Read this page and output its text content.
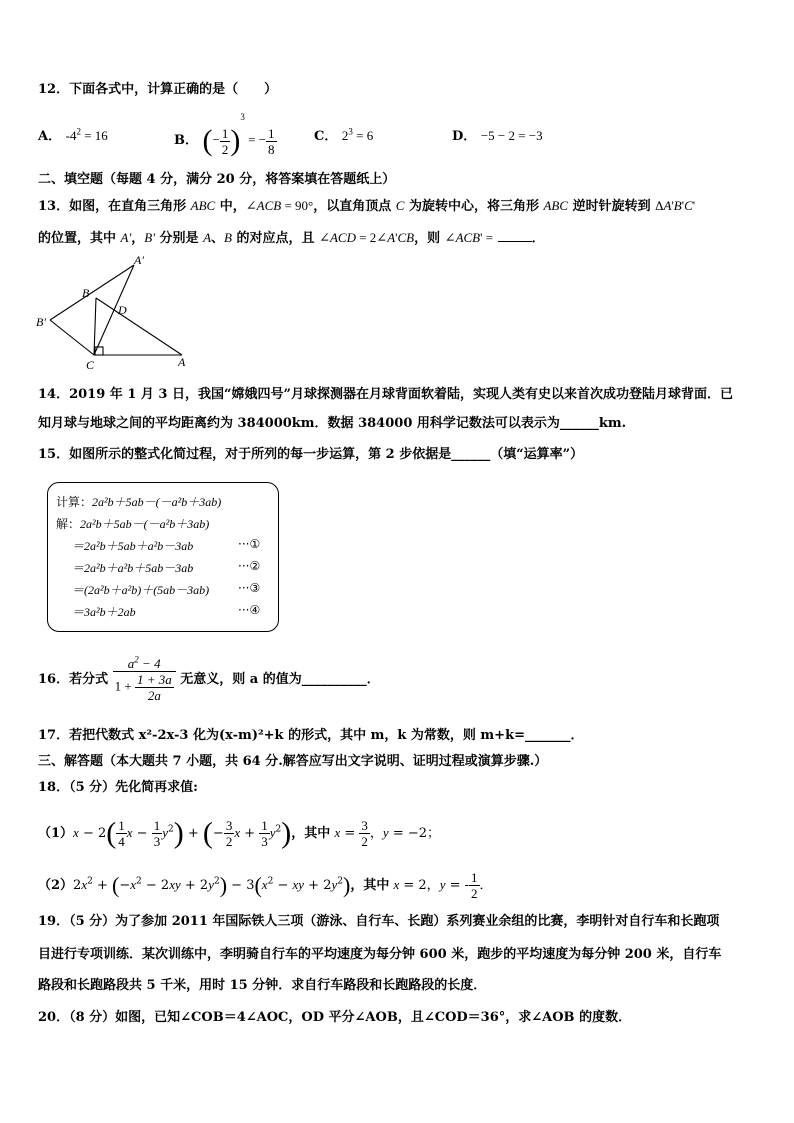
12．下面各式中，计算正确的是（　　）
A． $-4^2 = 16$	B． (− $\frac{1}{2} )^3$ = − $\frac{1}{8}$	C． $2^3 = 6$	D． −5 − 2 = −3
二、填空题（每题 4 分，满分 20 分，将答案填在答题纸上）
13．如图，在直角三角形 ABC 中，∠ACB = 90°，以直角顶点 C 为旋转中心，将三角形 ABC 逆时针旋转到 ΔA'B'C'
的位置，其中 A'，B' 分别是 A、B 的对应点，且 ∠ACD = 2∠A'CB，则 ∠ACB' =	．
A′
B
D
B′
C	A
14．2019 年 1 月 3 日，我国“嫦娥四号”月球探测器在月球背面软着陆，实现人类有史以来首次成功登陆月球背面．已
知月球与地球之间的平均距离约为 384000km．数据 384000 用科学记数法可以表示为______km.
15．如图所示的整式化简过程，对于所列的每一步运算，第 2 步依据是______（填“运算率”）
计算：2a²b＋5ab－(－a²b＋3ab)
解：2a²b＋5ab－(－a²b＋3ab)
＝2a²b＋5ab＋a²b－3ab	···①
＝2a²b＋a²b＋5ab－3ab	···②
＝(2a²b＋a²b)＋(5ab－3ab) ···③
＝3a²b＋2ab	···④
16．若分式 $\frac{a^2 - 4}{1 + \frac{1 + 3a}{2a}}$ 无意义，则 a 的值为__________．
17．若把代数式 x²-2x-3 化为(x-m)²+k 的形式，其中 m，k 为常数，则 m+k=_______．
三、解答题（本大题共 7 小题，共 64 分.解答应写出文字说明、证明过程或演算步骤.）
18．（5 分）先化简再求值:
$(1)x - 2( \frac{1}{4}$ $x - \frac{1}{3} y^2$) + (− $\frac{3}{2}$ $x + \frac{1}{3} y^2$)，其中 $x = \frac{3}{2}$ ，y = −2；
$(2)2x^2 + (-x^2 - 2xy + 2y^2) - 3(x^2$ − xy + $2y^2$)，其中 x = 2，y = - $\frac{1}{2}$ ．
19．（5 分）为了参加 2011 年国际铁人三项（游泳、自行车、长跑）系列赛业余组的比赛，李明针对自行车和长跑项
目进行专项训练．某次训练中，李明骑自行车的平均速度为每分钟 600 米，跑步的平均速度为每分钟 200 米，自行车
路段和长跑路段共 5 千米，用时 15 分钟．求自行车路段和长跑路段的长度．
20．（8 分）如图，已知∠COB＝4∠AOC，OD 平分∠AOB，且∠COD＝36°，求∠AOB 的度数．
